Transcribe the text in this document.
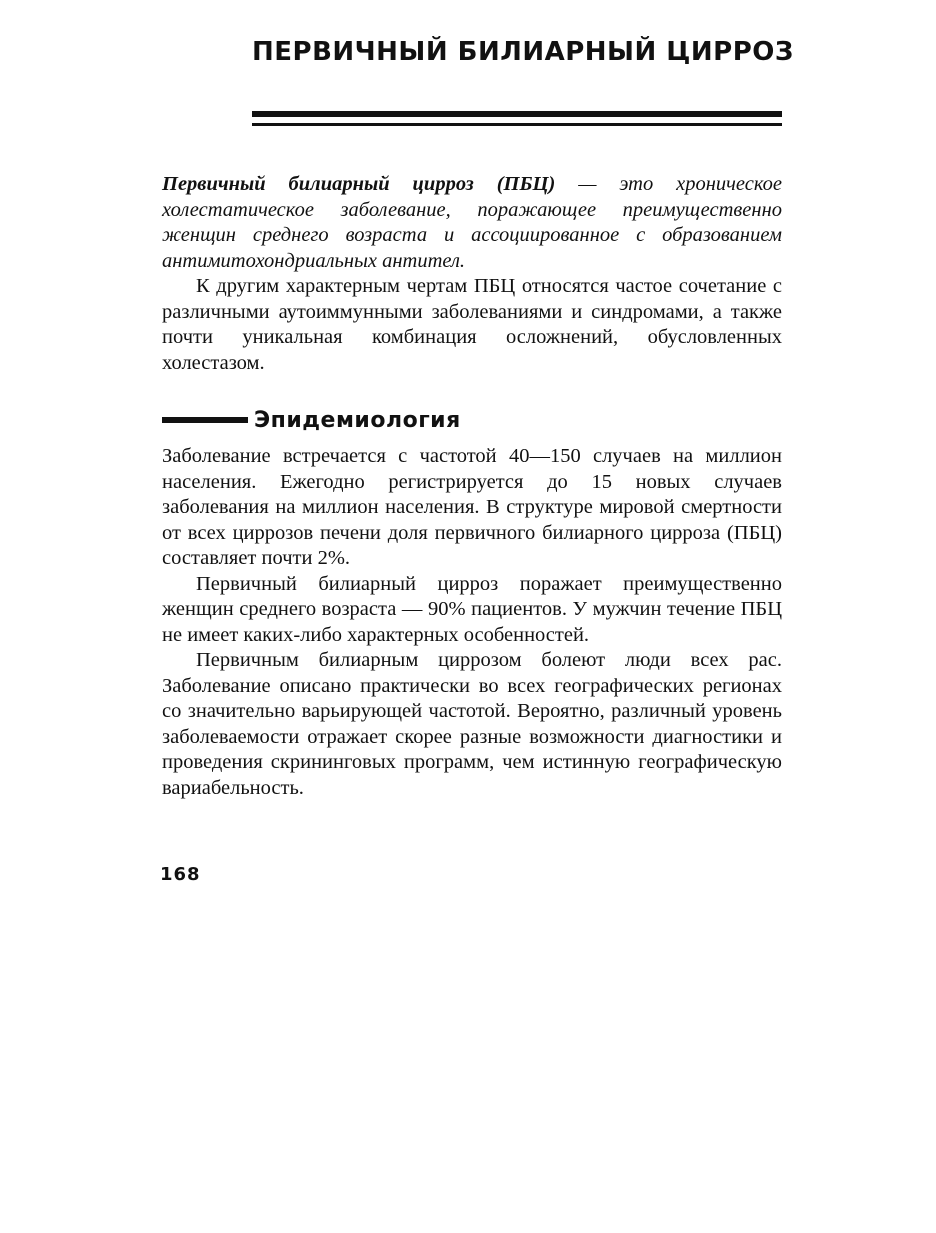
ПЕРВИЧНЫЙ БИЛИАРНЫЙ ЦИРРОЗ

Первичный билиарный цирроз (ПБЦ) — это хроническое холестатическое заболевание, поражающее преимущественно женщин среднего возраста и ассоциированное с образованием антимитохондриальных антител.

К другим характерным чертам ПБЦ относятся частое сочетание с различными аутоиммунными заболеваниями и синдромами, а также почти уникальная комбинация осложнений, обусловленных холестазом.

Эпидемиология

Заболевание встречается с частотой 40—150 случаев на миллион населения. Ежегодно регистрируется до 15 новых случаев заболевания на миллион населения. В структуре мировой смертности от всех циррозов печени доля первичного билиарного цирроза (ПБЦ) составляет почти 2%.

Первичный билиарный цирроз поражает преимущественно женщин среднего возраста — 90% пациентов. У мужчин течение ПБЦ не имеет каких-либо характерных особенностей.

Первичным билиарным циррозом болеют люди всех рас. Заболевание описано практически во всех географических регионах со значительно варьирующей частотой. Вероятно, различный уровень заболеваемости отражает скорее разные возможности диагностики и проведения скрининговых программ, чем истинную географическую вариабельность.

168
